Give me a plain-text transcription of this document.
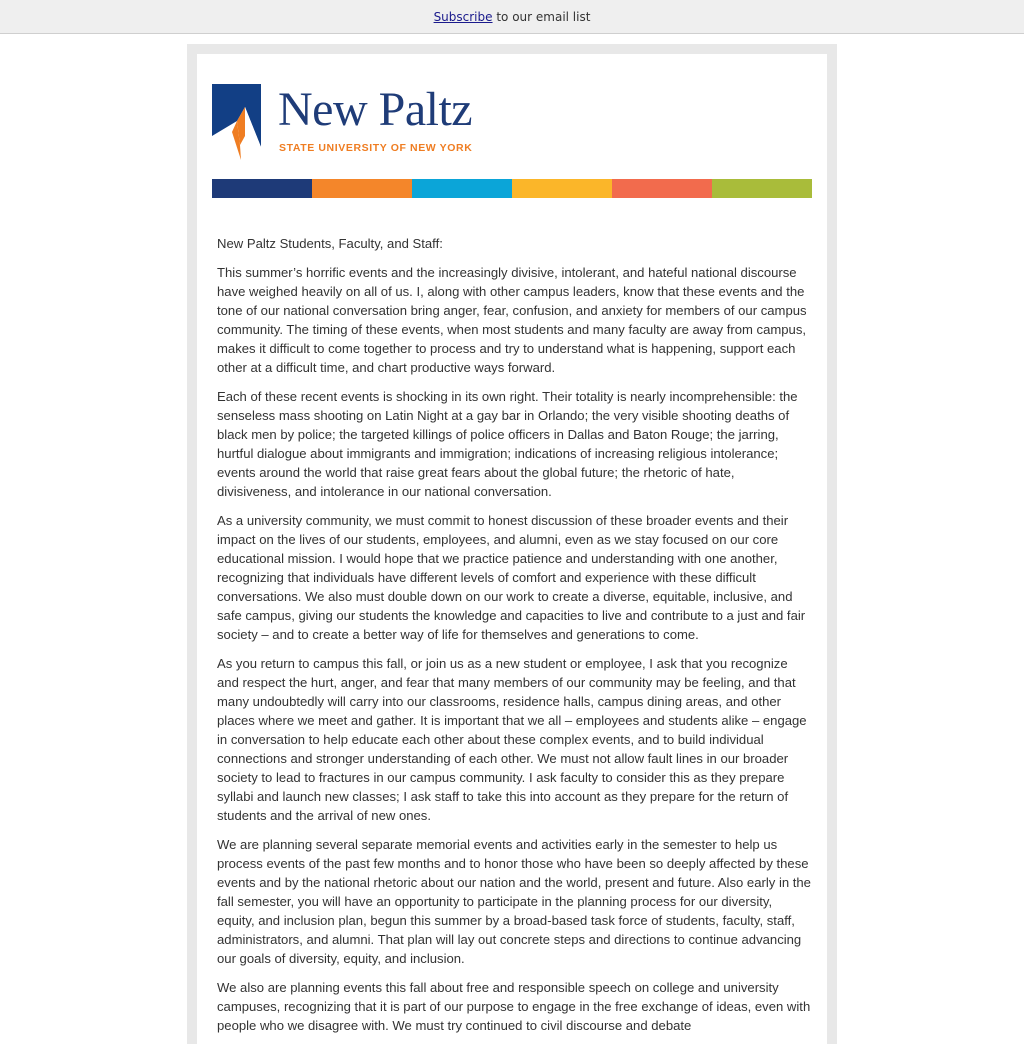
Subscribe to our email list
New Paltz
STATE UNIVERSITY OF NEW YORK

New Paltz Students, Faculty, and Staff:

This summer’s horrific events and the increasingly divisive, intolerant, and hateful national discourse have weighed heavily on all of us. I, along with other campus leaders, know that these events and the tone of our national conversation bring anger, fear, confusion, and anxiety for members of our campus community. The timing of these events, when most students and many faculty are away from campus, makes it difficult to come together to process and try to understand what is happening, support each other at a difficult time, and chart productive ways forward.

Each of these recent events is shocking in its own right. Their totality is nearly incomprehensible: the senseless mass shooting on Latin Night at a gay bar in Orlando; the very visible shooting deaths of black men by police; the targeted killings of police officers in Dallas and Baton Rouge; the jarring, hurtful dialogue about immigrants and immigration; indications of increasing religious intolerance; events around the world that raise great fears about the global future; the rhetoric of hate, divisiveness, and intolerance in our national conversation.

As a university community, we must commit to honest discussion of these broader events and their impact on the lives of our students, employees, and alumni, even as we stay focused on our core educational mission. I would hope that we practice patience and understanding with one another, recognizing that individuals have different levels of comfort and experience with these difficult conversations. We also must double down on our work to create a diverse, equitable, inclusive, and safe campus, giving our students the knowledge and capacities to live and contribute to a just and fair society – and to create a better way of life for themselves and generations to come.

As you return to campus this fall, or join us as a new student or employee, I ask that you recognize and respect the hurt, anger, and fear that many members of our community may be feeling, and that many undoubtedly will carry into our classrooms, residence halls, campus dining areas, and other places where we meet and gather. It is important that we all – employees and students alike – engage in conversation to help educate each other about these complex events, and to build individual connections and stronger understanding of each other. We must not allow fault lines in our broader society to lead to fractures in our campus community. I ask faculty to consider this as they prepare syllabi and launch new classes; I ask staff to take this into account as they prepare for the return of students and the arrival of new ones.

We are planning several separate memorial events and activities early in the semester to help us process events of the past few months and to honor those who have been so deeply affected by these events and by the national rhetoric about our nation and the world, present and future. Also early in the fall semester, you will have an opportunity to participate in the planning process for our diversity, equity, and inclusion plan, begun this summer by a broad-based task force of students, faculty, staff, administrators, and alumni. That plan will lay out concrete steps and directions to continue advancing our goals of diversity, equity, and inclusion.

We also are planning events this fall about free and responsible speech on college and university campuses, recognizing that it is part of our purpose to engage in the free exchange of ideas, even with people who we disagree with. We must try continued to civil discourse and debate
